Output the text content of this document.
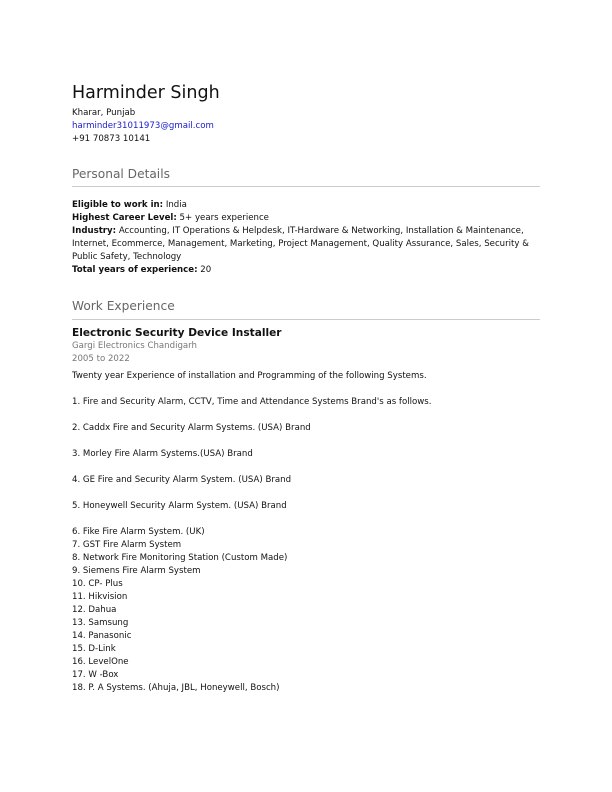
Harminder Singh
Kharar, Punjab
harminder31011973@gmail.com
+91 70873 10141
Personal Details
Eligible to work in: India
Highest Career Level: 5+ years experience
Industry: Accounting, IT Operations & Helpdesk, IT-Hardware & Networking, Installation & Maintenance, Internet, Ecommerce, Management, Marketing, Project Management, Quality Assurance, Sales, Security & Public Safety, Technology
Total years of experience: 20
Work Experience
Electronic Security Device Installer
Gargi Electronics Chandigarh
2005 to 2022
Twenty year Experience of installation and Programming of the following Systems.
1. Fire and Security Alarm, CCTV, Time and Attendance Systems Brand's as follows.
2. Caddx Fire and Security Alarm Systems. (USA) Brand
3. Morley Fire Alarm Systems.(USA) Brand
4. GE Fire and Security Alarm System. (USA) Brand
5. Honeywell Security Alarm System. (USA) Brand
6. Fike Fire Alarm System. (UK)
7. GST Fire Alarm System
8. Network Fire Monitoring Station (Custom Made)
9. Siemens Fire Alarm System
10. CP- Plus
11. Hikvision
12. Dahua
13. Samsung
14. Panasonic
15. D-Link
16. LevelOne
17. W -Box
18. P. A Systems. (Ahuja, JBL, Honeywell, Bosch)
